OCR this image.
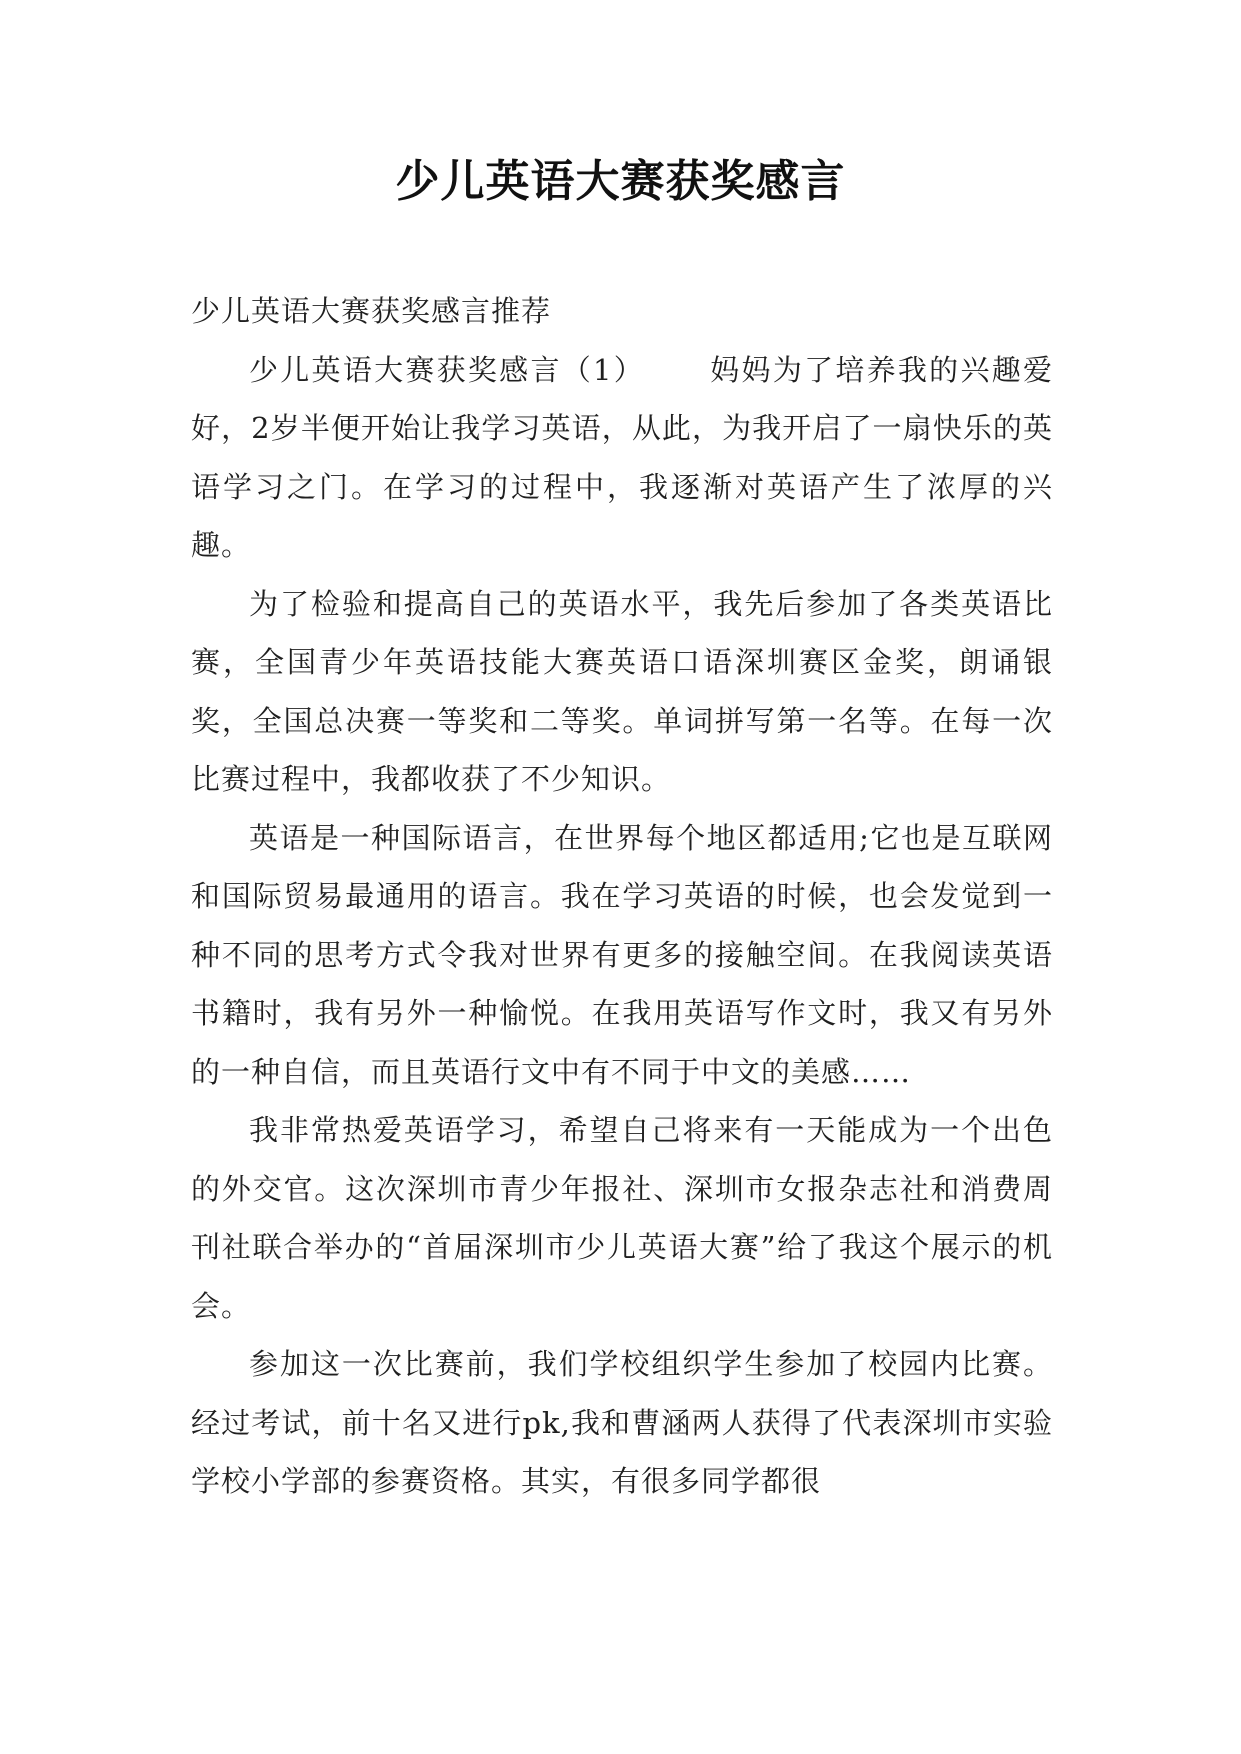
少儿英语大赛获奖感言

少儿英语大赛获奖感言推荐

少儿英语大赛获奖感言（1） 妈妈为了培养我的兴趣爱好，2岁半便开始让我学习英语，从此，为我开启了一扇快乐的英语学习之门。在学习的过程中，我逐渐对英语产生了浓厚的兴趣。

为了检验和提高自己的英语水平，我先后参加了各类英语比赛，全国青少年英语技能大赛英语口语深圳赛区金奖，朗诵银奖，全国总决赛一等奖和二等奖。单词拼写第一名等。在每一次比赛过程中，我都收获了不少知识。

英语是一种国际语言，在世界每个地区都适用;它也是互联网和国际贸易最通用的语言。我在学习英语的时候，也会发觉到一种不同的思考方式令我对世界有更多的接触空间。在我阅读英语书籍时，我有另外一种愉悦。在我用英语写作文时，我又有另外的一种自信，而且英语行文中有不同于中文的美感……

我非常热爱英语学习，希望自己将来有一天能成为一个出色的外交官。这次深圳市青少年报社、深圳市女报杂志社和消费周刊社联合举办的“首届深圳市少儿英语大赛”给了我这个展示的机会。

参加这一次比赛前，我们学校组织学生参加了校园内比赛。经过考试，前十名又进行pk,我和曹涵两人获得了代表深圳市实验学校小学部的参赛资格。其实，有很多同学都很
